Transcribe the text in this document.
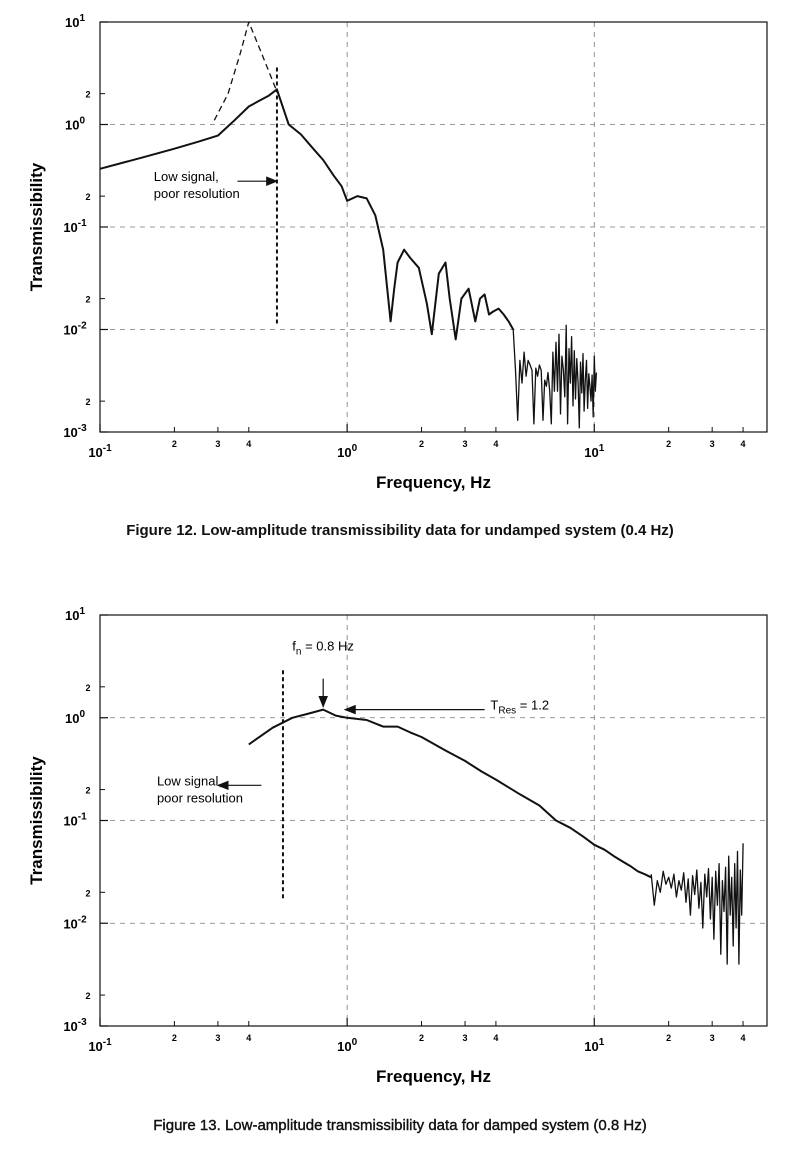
$10^{-1}$	$10^0$	$10^1$
2	3	4	2	3	4	2	3	4
$10^{-3}$
$10^{-2}$
$10^{-1}$
$10^0$
$10^1$
2
2
2
2
Frequency, Hz
Transmissibility	Low signal, poor resolution
Figure 12. Low-amplitude transmissibility data for undamped system (0.4 Hz)
$10^{-1}$	$10^0$	$10^1$
2	3	4	2	3	4	2	3	4
$10^{-3}$
$10^{-2}$
$10^{-1}$
$10^0$
$10^1$
2
2
2
2
Frequency, Hz
Transmissibility
$f_n = 0.8$ Hz
$T_{Res} = 1.2$
Low signal, poor resolution
Figure 13. Low-amplitude transmissibility data for damped system (0.8 Hz)
